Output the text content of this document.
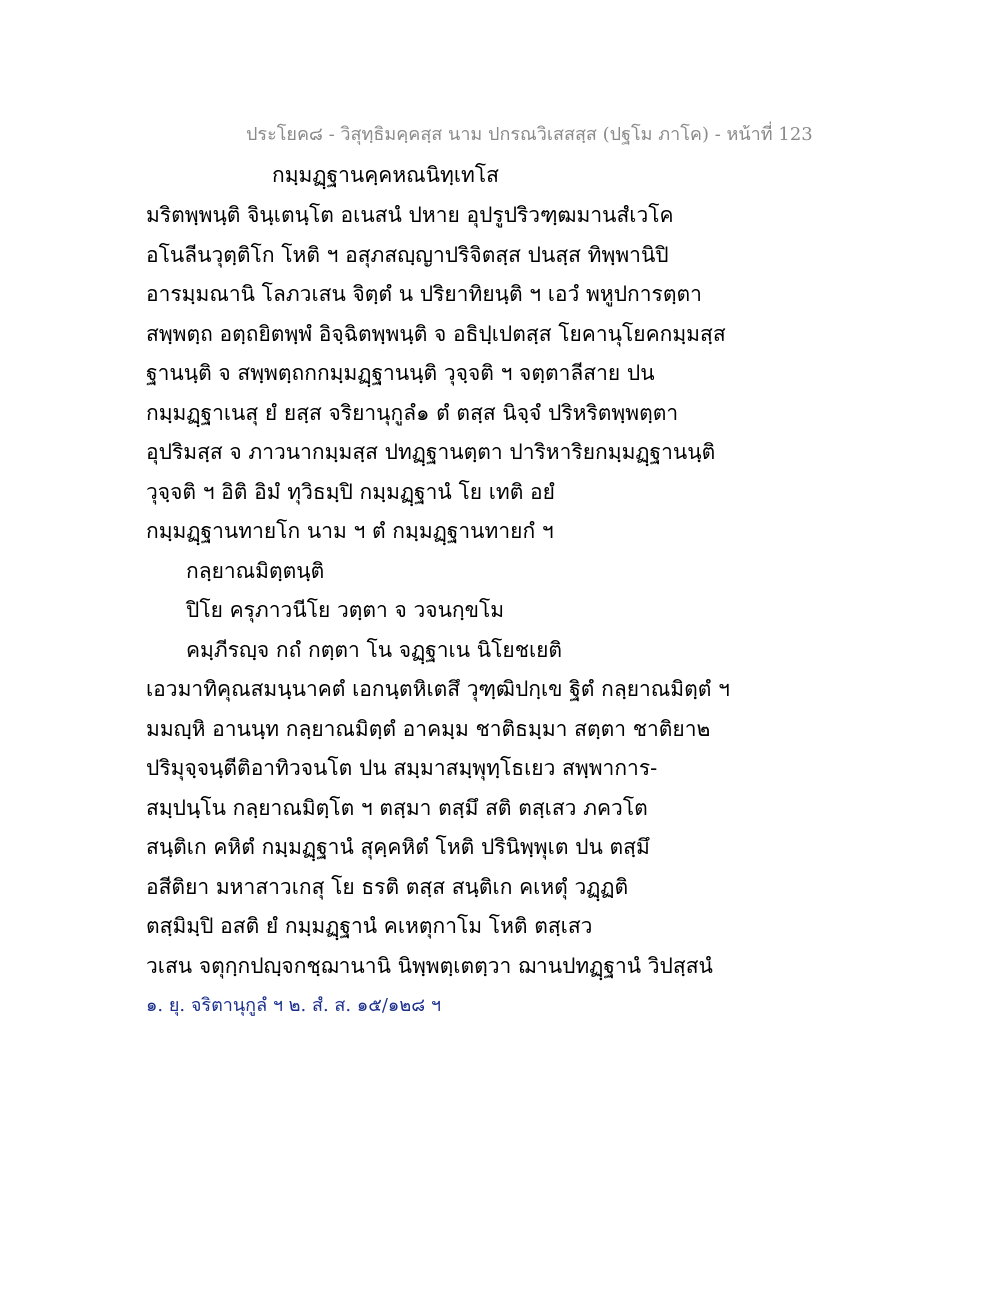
ประโยค๘ - วิสุทฺธิมคฺคสฺส นาม ปกรณวิเสสสฺส (ปฐโม ภาโค) - หน้าที่ 123
กมฺมฏฺฐานคฺคหณนิทฺเทโส
มริตพฺพนฺติ จินฺเตนฺโต อเนสนํ ปหาย อุปรูปริวฑฺฒมานสํเวโค
อโนลีนวุตฺติโก โหติ ฯ อสุภสญฺญาปริจิตสฺส ปนสฺส ทิพฺพานิปิ
อารมฺมณานิ โลภวเสน จิตฺตํ น ปริยาทิยนฺติ ฯ เอวํ พหูปการตฺตา
สพฺพตฺถ อตฺถยิตพฺพํ อิจฺฉิตพฺพนฺติ จ อธิปฺเปตสฺส โยคานุโยคกมฺมสฺส
ฐานนฺติ จ สพฺพตฺถกกมฺมฏฺฐานนฺติ วุจฺจติ ฯ จตฺตาลีสาย ปน
กมฺมฏฺฐาเนสุ ยํ ยสฺส จริยานุกูลํ๑ ตํ ตสฺส นิจฺจํ ปริหริตพฺพตฺตา
อุปริมสฺส จ ภาวนากมฺมสฺส ปทฏฺฐานตฺตา ปาริหาริยกมฺมฏฺฐานนฺติ
วุจฺจติ ฯ อิติ อิมํ ทุวิธมฺปิ กมฺมฏฺฐานํ โย เทติ อยํ
กมฺมฏฺฐานทายโก นาม ฯ ตํ กมฺมฏฺฐานทายกํ ฯ
กลฺยาณมิตฺตนฺติ
ปิโย ครุภาวนีโย วตฺตา จ วจนกฺขโม
คมฺภีรญฺจ กถํ กตฺตา โน จฏฺฐาเน นิโยชเยติ
เอวมาทิคุณสมนฺนาคตํ เอกนฺตหิเตสึ วุฑฺฒิปกฺเข ฐิตํ กลฺยาณมิตฺตํ ฯ
มมญฺหิ อานนฺท กลฺยาณมิตฺตํ อาคมฺม ชาติธมฺมา สตฺตา ชาติยา๒
ปริมุจฺจนฺตีติอาทิวจนโต ปน สมฺมาสมฺพุทฺโธเยว สพฺพาการ-
สมฺปนฺโน กลฺยาณมิตฺโต ฯ ตสฺมา ตสฺมึ สติ ตสฺเสว ภควโต
สนฺติเก คหิตํ กมฺมฏฺฐานํ สุคฺคหิตํ โหติ ปรินิพฺพุเต ปน ตสฺมึ
อสีติยา มหาสาวเกสุ โย ธรติ ตสฺส สนฺติเก คเหตุํ วฏฺฏติ
ตสฺมิมฺปิ อสติ ยํ กมฺมฏฺฐานํ คเหตุกาโม โหติ ตสฺเสว
วเสน จตุกฺกปญฺจกชฺฌานานิ นิพฺพตฺเตตฺวา ฌานปทฏฺฐานํ วิปสฺสนํ
๑. ยุ. จริตานุกูลํ ฯ ๒. สํ. ส. ๑๕/๑๒๘ ฯ
